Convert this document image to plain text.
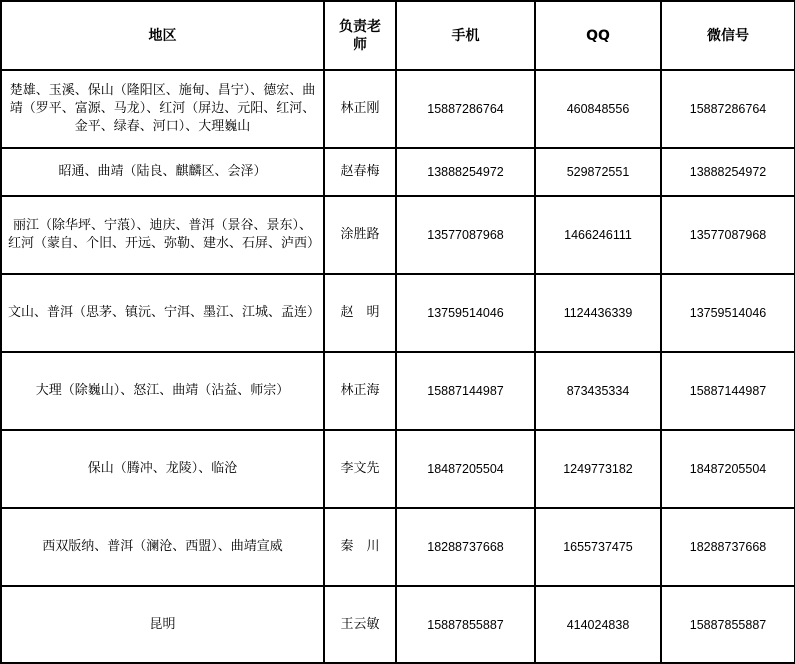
地区	负责老师	手机	QQ	微信号
楚雄、玉溪、保山（隆阳区、施甸、昌宁）、德宏、曲靖（罗平、富源、马龙）、红河（屏边、元阳、红河、金平、绿春、河口）、大理巍山	林正刚	15887286764	460848556	15887286764
昭通、曲靖（陆良、麒麟区、会泽）	赵春梅	13888254972	529872551	13888254972
丽江（除华坪、宁蒗）、迪庆、普洱（景谷、景东）、红河（蒙自、个旧、开远、弥勒、建水、石屏、泸西）	涂胜路	13577087968	1466246111	13577087968
文山、普洱（思茅、镇沅、宁洱、墨江、江城、孟连）	赵　明	13759514046	1124436339	13759514046
大理（除巍山）、怒江、曲靖（沾益、师宗）	林正海	15887144987	873435334	15887144987
保山（腾冲、龙陵）、临沧	李文先	18487205504	1249773182	18487205504
西双版纳、普洱（澜沧、西盟）、曲靖宣威	秦　川	18288737668	1655737475	18288737668
昆明	王云敏	15887855887	414024838	15887855887
